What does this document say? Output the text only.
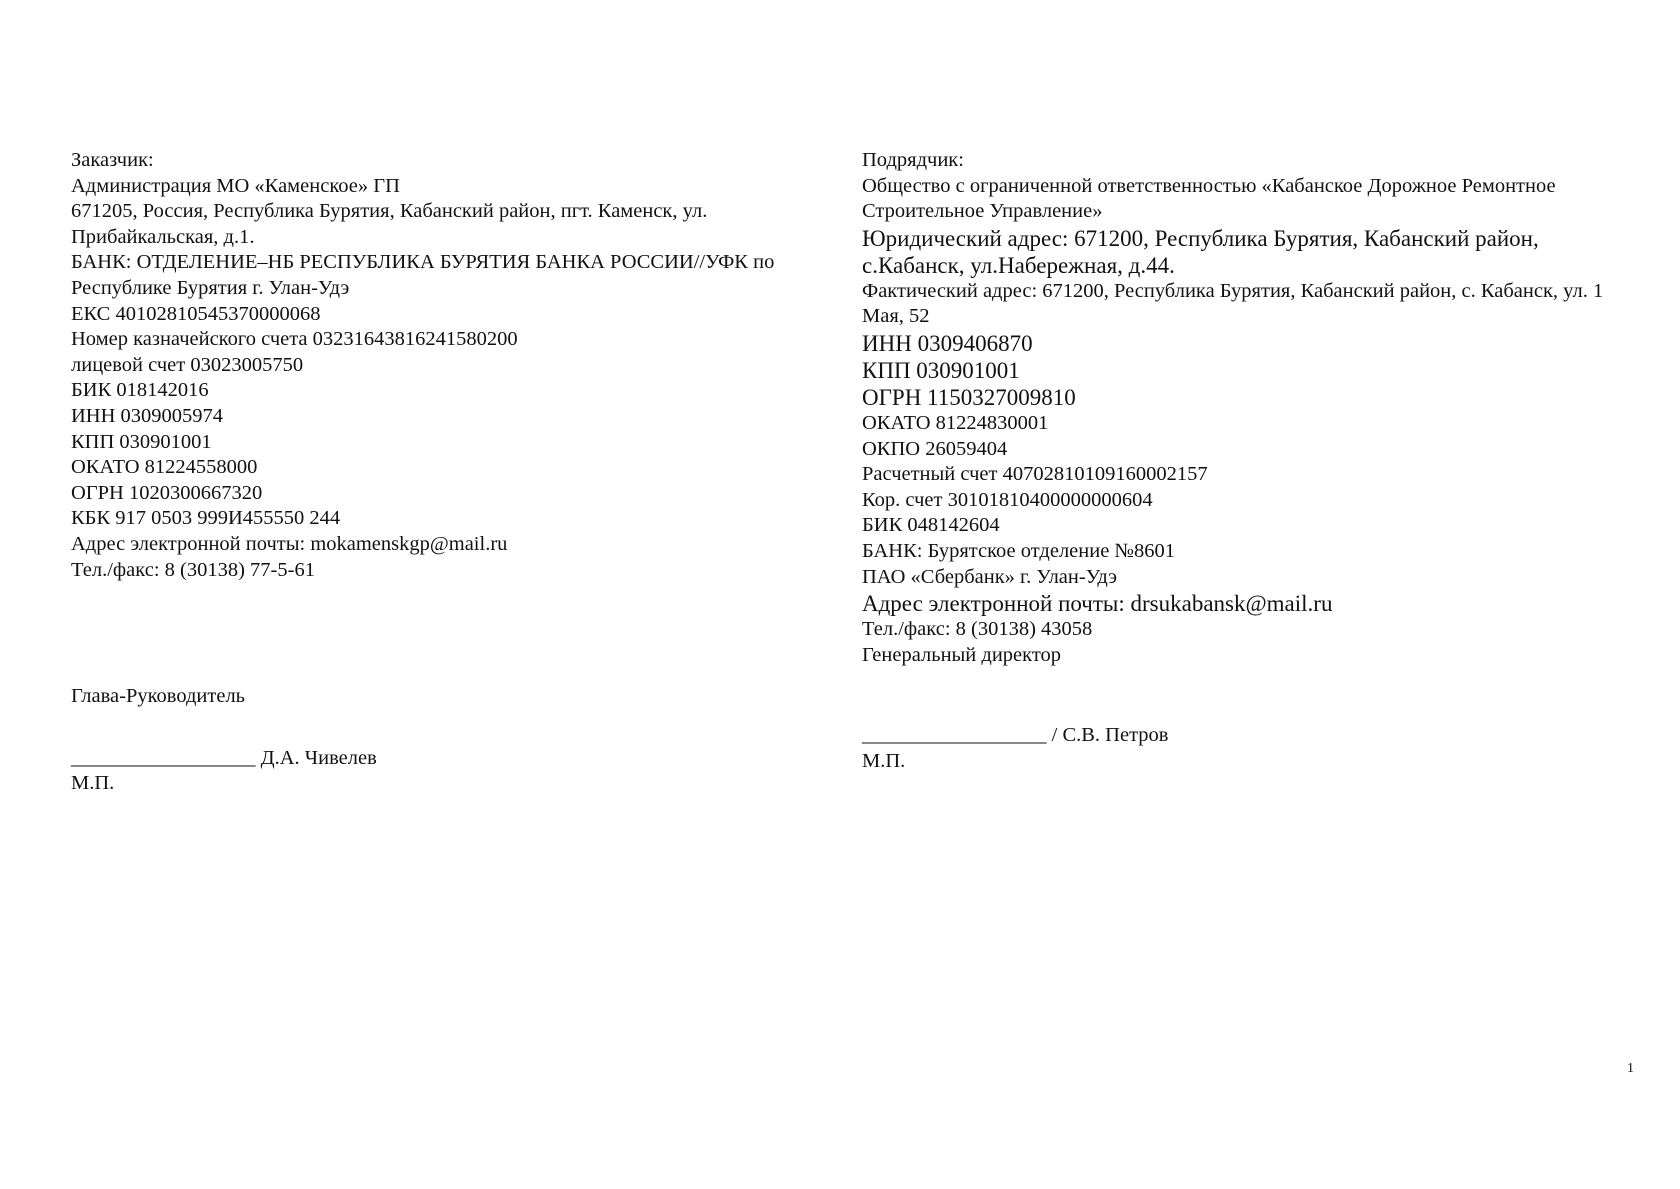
Заказчик:
Администрация МО «Каменское» ГП
671205, Россия, Республика Бурятия, Кабанский район, пгт. Каменск, ул. Прибайкальская, д.1.
БАНК: ОТДЕЛЕНИЕ–НБ РЕСПУБЛИКА БУРЯТИЯ БАНКА РОССИИ//УФК по Республике Бурятия г. Улан-Удэ
ЕКС 40102810545370000068
Номер казначейского счета 03231643816241580200
лицевой счет 03023005750
БИК 018142016
ИНН 0309005974
КПП 030901001
ОКАТО 81224558000
ОГРН 1020300667320
КБК 917 0503 999И455550 244
Адрес электронной почты: mokamenskgp@mail.ru
Тел./факс: 8 (30138) 77-5-61
Глава-Руководитель
__________________ Д.А. Чивелев
М.П.
Подрядчик:
Общество с ограниченной ответственностью «Кабанское Дорожное Ремонтное Строительное Управление»
Юридический адрес: 671200, Республика Бурятия, Кабанский район, с.Кабанск, ул.Набережная, д.44.
Фактический адрес: 671200, Республика Бурятия, Кабанский район, с. Кабанск, ул. 1 Мая, 52
ИНН 0309406870
КПП 030901001
ОГРН 1150327009810
ОКАТО 81224830001
ОКПО 26059404
Расчетный счет 40702810109160002157
Кор. счет 30101810400000000604
БИК 048142604
БАНК: Бурятское отделение №8601
ПАО «Сбербанк» г. Улан-Удэ
Адрес электронной почты: drsukabansk@mail.ru
Тел./факс: 8 (30138) 43058
Генеральный директор
__________________ / С.В. Петров
М.П.
1
